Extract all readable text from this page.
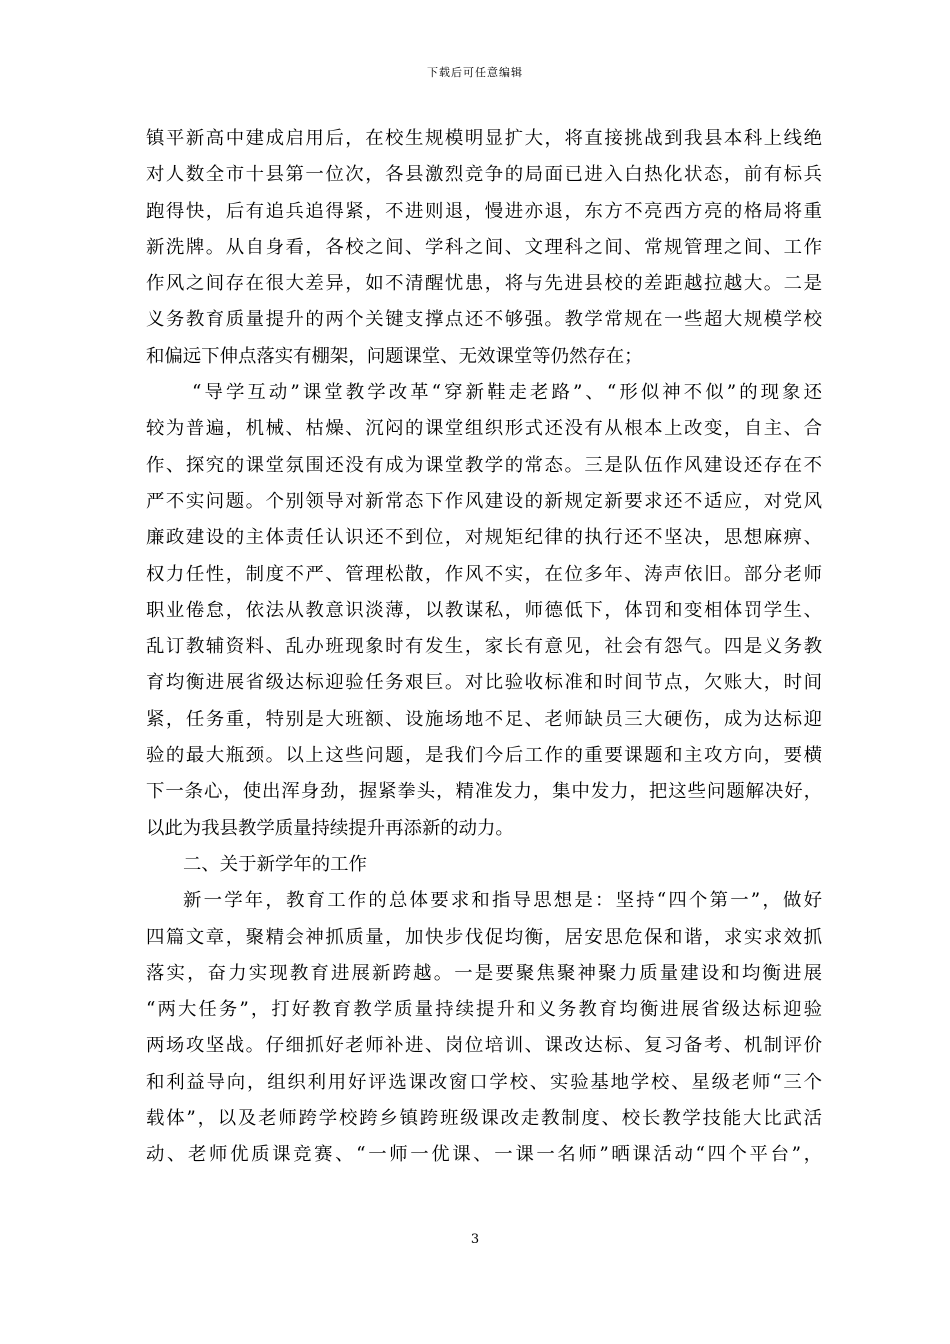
下载后可任意编辑
镇平新高中建成启用后，在校生规模明显扩大，将直接挑战到我县本科上线绝
对人数全市十县第一位次，各县激烈竞争的局面已进入白热化状态，前有标兵
跑得快，后有追兵追得紧，不进则退，慢进亦退，东方不亮西方亮的格局将重
新洗牌。从自身看，各校之间、学科之间、文理科之间、常规管理之间、工作
作风之间存在很大差异，如不清醒忧患，将与先进县校的差距越拉越大。二是
义务教育质量提升的两个关键支撑点还不够强。教学常规在一些超大规模学校
和偏远下伸点落实有棚架，问题课堂、无效课堂等仍然存在；
“导学互动”课堂教学改革“穿新鞋走老路”、“形似神不似”的现象还
较为普遍，机械、枯燥、沉闷的课堂组织形式还没有从根本上改变，自主、合
作、探究的课堂氛围还没有成为课堂教学的常态。三是队伍作风建设还存在不
严不实问题。个别领导对新常态下作风建设的新规定新要求还不适应，对党风
廉政建设的主体责任认识还不到位，对规矩纪律的执行还不坚决，思想麻痹、
权力任性，制度不严、管理松散，作风不实，在位多年、涛声依旧。部分老师
职业倦怠，依法从教意识淡薄，以教谋私，师德低下，体罚和变相体罚学生、
乱订教辅资料、乱办班现象时有发生，家长有意见，社会有怨气。四是义务教
育均衡进展省级达标迎验任务艰巨。对比验收标准和时间节点，欠账大，时间
紧，任务重，特别是大班额、设施场地不足、老师缺员三大硬伤，成为达标迎
验的最大瓶颈。以上这些问题，是我们今后工作的重要课题和主攻方向，要横
下一条心，使出浑身劲，握紧拳头，精准发力，集中发力，把这些问题解决好，
以此为我县教学质量持续提升再添新的动力。
二、关于新学年的工作
新一学年，教育工作的总体要求和指导思想是：坚持“四个第一”，做好
四篇文章，聚精会神抓质量，加快步伐促均衡，居安思危保和谐，求实求效抓
落实，奋力实现教育进展新跨越。一是要聚焦聚神聚力质量建设和均衡进展
“两大任务”，打好教育教学质量持续提升和义务教育均衡进展省级达标迎验
两场攻坚战。仔细抓好老师补进、岗位培训、课改达标、复习备考、机制评价
和利益导向，组织利用好评选课改窗口学校、实验基地学校、星级老师“三个
载体”，以及老师跨学校跨乡镇跨班级课改走教制度、校长教学技能大比武活
动、老师优质课竞赛、“一师一优课、一课一名师”晒课活动“四个平台”，
3
